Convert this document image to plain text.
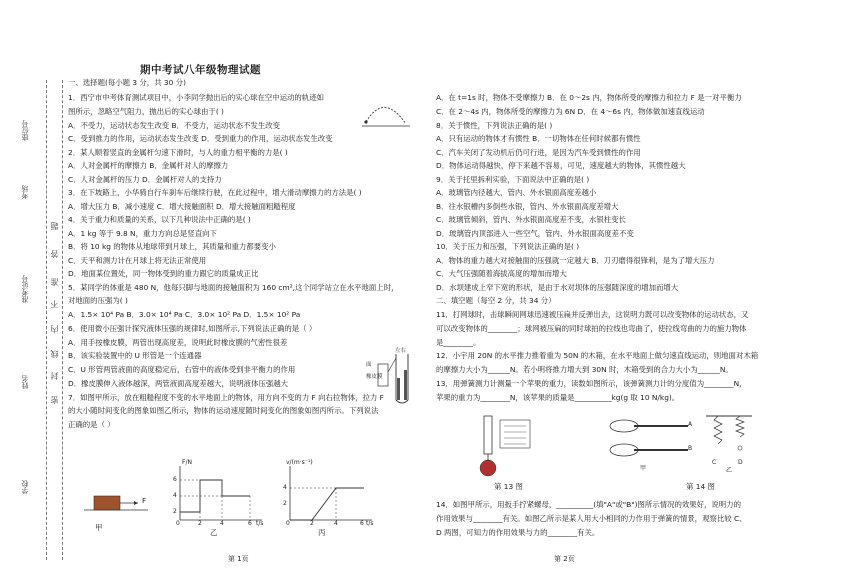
座位号
考场
准考证号
姓名
学校
题
答
准
不
内
线
封
密
期中考试八年级物理试题
一、选择题(每小题 3 分，共 30 分)
1．西宁市中考体育测试项目中，小李同学抛出后的实心球在空中运动的轨迹如
图所示，忽略空气阻力，抛出后的实心球由于( )
A．不受力，运动状态发生改变 B．不受力，运动状态不发生改变
C．受到推力的作用，运动状态发生改变 D．受到重力的作用，运动状态发生改变
2．某人顺着竖直的金属杆匀速下滑时，与人的重力相平衡的力是( )
A．人对金属杆的摩擦力 B．金属杆对人的摩擦力
C．人对金属杆的压力 D．金属杆对人的支持力
3．在下坡路上，小华骑自行车刹车后继续行驶，在此过程中，增大滑动摩擦力的方法是( )
A．增大压力 B．减小速度 C．增大接触面积 D．增大接触面粗糙程度
4．关于重力和质量的关系，以下几种说法中正确的是( )
A．1 kg 等于 9.8 N，重力方向总是竖直向下
B．将 10 kg 的物体从地球带到月球上，其质量和重力都要变小
C．天平和测力计在月球上将无法正常使用
D．地面某位置处，同一物体受到的重力跟它的质量成正比
5．某同学的体重是 480 N，他每只脚与地面的接触面积为 160 cm²,这个同学站立在水平地面上时，
对地面的压强为( )
A．1.5× 10⁴ Pa B．3.0× 10⁴ Pa C．3.0× 10² Pa D．1.5× 10² Pa
6．使用微小压强计探究液体压强的规律时,如图所示,下列说法正确的是（ ）
A．用手按橡皮膜，两管出现高度差，说明此时橡皮膜的气密性很差
B．该实验装置中的 U 形管是一个连通器
C．U 形管两管液面的高度稳定后，右管中的液体受到非平衡力的作用
D．橡皮膜伸入液体越深，两管液面高度差越大，说明液体压强越大
7．如图甲所示，放在粗糙程度不变的水平地面上的物体，用方向不变的力 F 向右拉物体，拉力 F
的大小随时间变化的图象如图乙所示，物体的运动速度随时间变化的图象如图丙所示。下列说法
正确的是（ ）
A．在 t=1s 时，物体不受摩擦力 B．在 0～2s 内，物体所受的摩擦力和拉力 F 是一对平衡力
C．在 2～4s 内，物体所受的摩擦力为 6N D．在 4～6s 内，物体做加速直线运动
8．关于惯性，下列说法正确的是( )
A．只有运动的物体才有惯性 B．一切物体在任何时候都有惯性
C．汽车关闭了发动机后仍可行进，是因为汽车受到惯性的作用
D．物体运动得越快，停下来越不容易，可见，速度越大的物体，其惯性越大
9．关于托里拆利实验，下面说法中正确的是( )
A．玻璃管内径越大，管内、外水银面高度差越小
B．往水银槽内多倒些水银，管内、外水银面高度差增大
C．玻璃管倾斜，管内、外水银面高度差不变，水银柱变长
D．玻璃管内顶部进入一些空气，管内、外水银面高度差不变
10．关于压力和压强，下列说法正确的是( )
A．物体的重力越大对接触面的压强就一定越大 B．刀刃磨得很锋利，是为了增大压力
C．大气压强随着海拔高度的增加而增大
D．水坝建成上窄下宽的形状，是由于水对坝体的压强随深度的增加而增大
二、填空题（每空 2 分，共 34 分）
11．打网球时，击球瞬间网球迅速被压扁并反弹出去，这说明力既可以改变物体的运动状态，又
可以改变物体的________；球网被压扁的同时球拍的拉线也弯曲了，使拉线弯曲的力的施力物体
是________。
12．小宇用 20N 的水平推力推着重为 50N 的木箱，在水平地面上做匀速直线运动，则地面对木箱
的摩擦力大小为______N。若小明将推力增大到 30N 时，木箱受到的合力大小为______N。
13．用弹簧测力计测量一个苹果的重力，读数如图所示，该弹簧测力计的分度值为________N，
苹果的重力为________N，该苹果的质量是__________kg(g 取 10 N/kg)。
14．如图甲所示，用扳手拧紧螺母，__________(填"A"或"B")图所示情况的效果好，说明力的
作用效果与________有关。如图乙所示是某人用大小相同的力作用于弹簧的情景，观察比较 C、
D 两图，可知力的作用效果与力的________有关。
左右
面
橡皮膜
F
甲
F/N
6
4
2
0	2	4	6 t/s
乙
v/(m·s⁻¹)
4
2
0	2	4	6 t/s
丙
A
B
甲
C	D
乙
第 13 图	第 14 图
第 1页	第 2页
